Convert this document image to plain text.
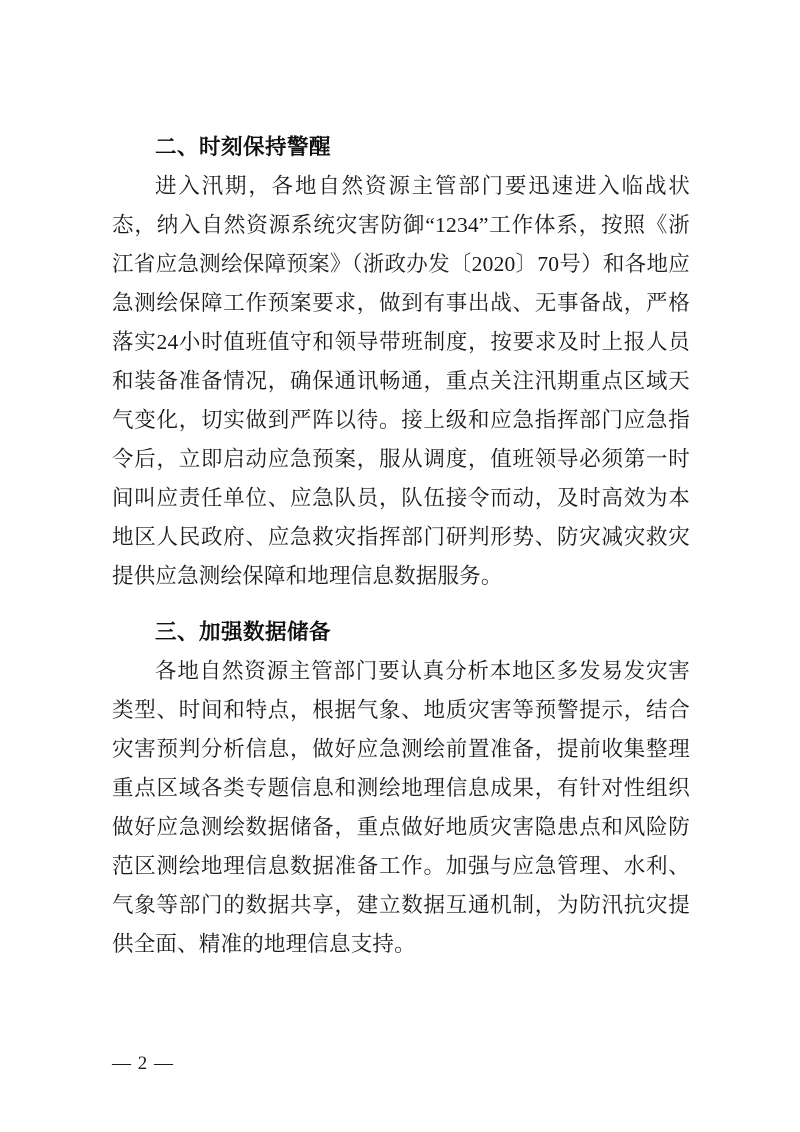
二、时刻保持警醒

进入汛期，各地自然资源主管部门要迅速进入临战状态，纳入自然资源系统灾害防御“1234”工作体系，按照《浙江省应急测绘保障预案》（浙政办发〔2020〕70号）和各地应急测绘保障工作预案要求，做到有事出战、无事备战，严格落实24小时值班值守和领导带班制度，按要求及时上报人员和装备准备情况，确保通讯畅通，重点关注汛期重点区域天气变化，切实做到严阵以待。接上级和应急指挥部门应急指令后，立即启动应急预案，服从调度，值班领导必须第一时间叫应责任单位、应急队员，队伍接令而动，及时高效为本地区人民政府、应急救灾指挥部门研判形势、防灾减灾救灾提供应急测绘保障和地理信息数据服务。

三、加强数据储备

各地自然资源主管部门要认真分析本地区多发易发灾害类型、时间和特点，根据气象、地质灾害等预警提示，结合灾害预判分析信息，做好应急测绘前置准备，提前收集整理重点区域各类专题信息和测绘地理信息成果，有针对性组织做好应急测绘数据储备，重点做好地质灾害隐患点和风险防范区测绘地理信息数据准备工作。加强与应急管理、水利、气象等部门的数据共享，建立数据互通机制，为防汛抗灾提供全面、精准的地理信息支持。

— 2 —
